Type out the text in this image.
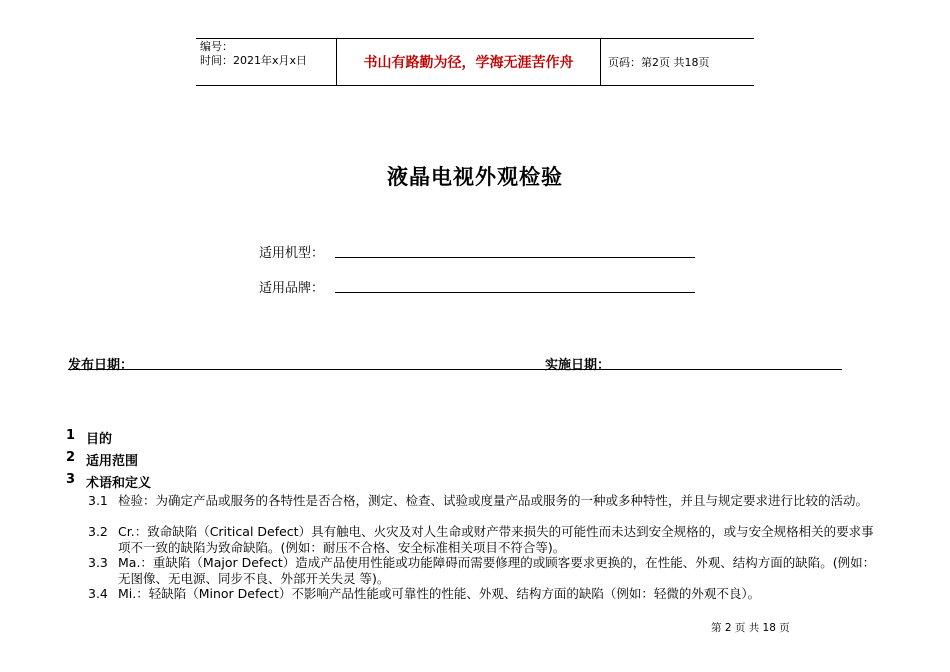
编号：
时间：2021年x月x日	书山有路勤为径，学海无涯苦作舟	页码：第2页 共18页
液晶电视外观检验
适用机型：
适用品牌：
发布日期：	实施日期：
1 目的
2 适用范围
3 术语和定义
3.1 检验：为确定产品或服务的各特性是否合格，测定、检查、试验或度量产品或服务的一种或多种特性，并且与规定要求进行比较的活动。
3.2 Cr.：致命缺陷（Critical Defect）具有触电、火灾及对人生命或财产带来损失的可能性而未达到安全规格的，或与安全规格相关的要求事项不一致的缺陷为致命缺陷。(例如：耐压不合格、安全标准相关项目不符合等)。
3.3 Ma.：重缺陷（Major Defect）造成产品使用性能或功能障碍而需要修理的或顾客要求更换的，在性能、外观、结构方面的缺陷。(例如：无图像、无电源、同步不良、外部开关失灵 等)。
3.4 Mi.：轻缺陷（Minor Defect）不影响产品性能或可靠性的性能、外观、结构方面的缺陷（例如：轻微的外观不良）。
第 2 页 共 18 页
